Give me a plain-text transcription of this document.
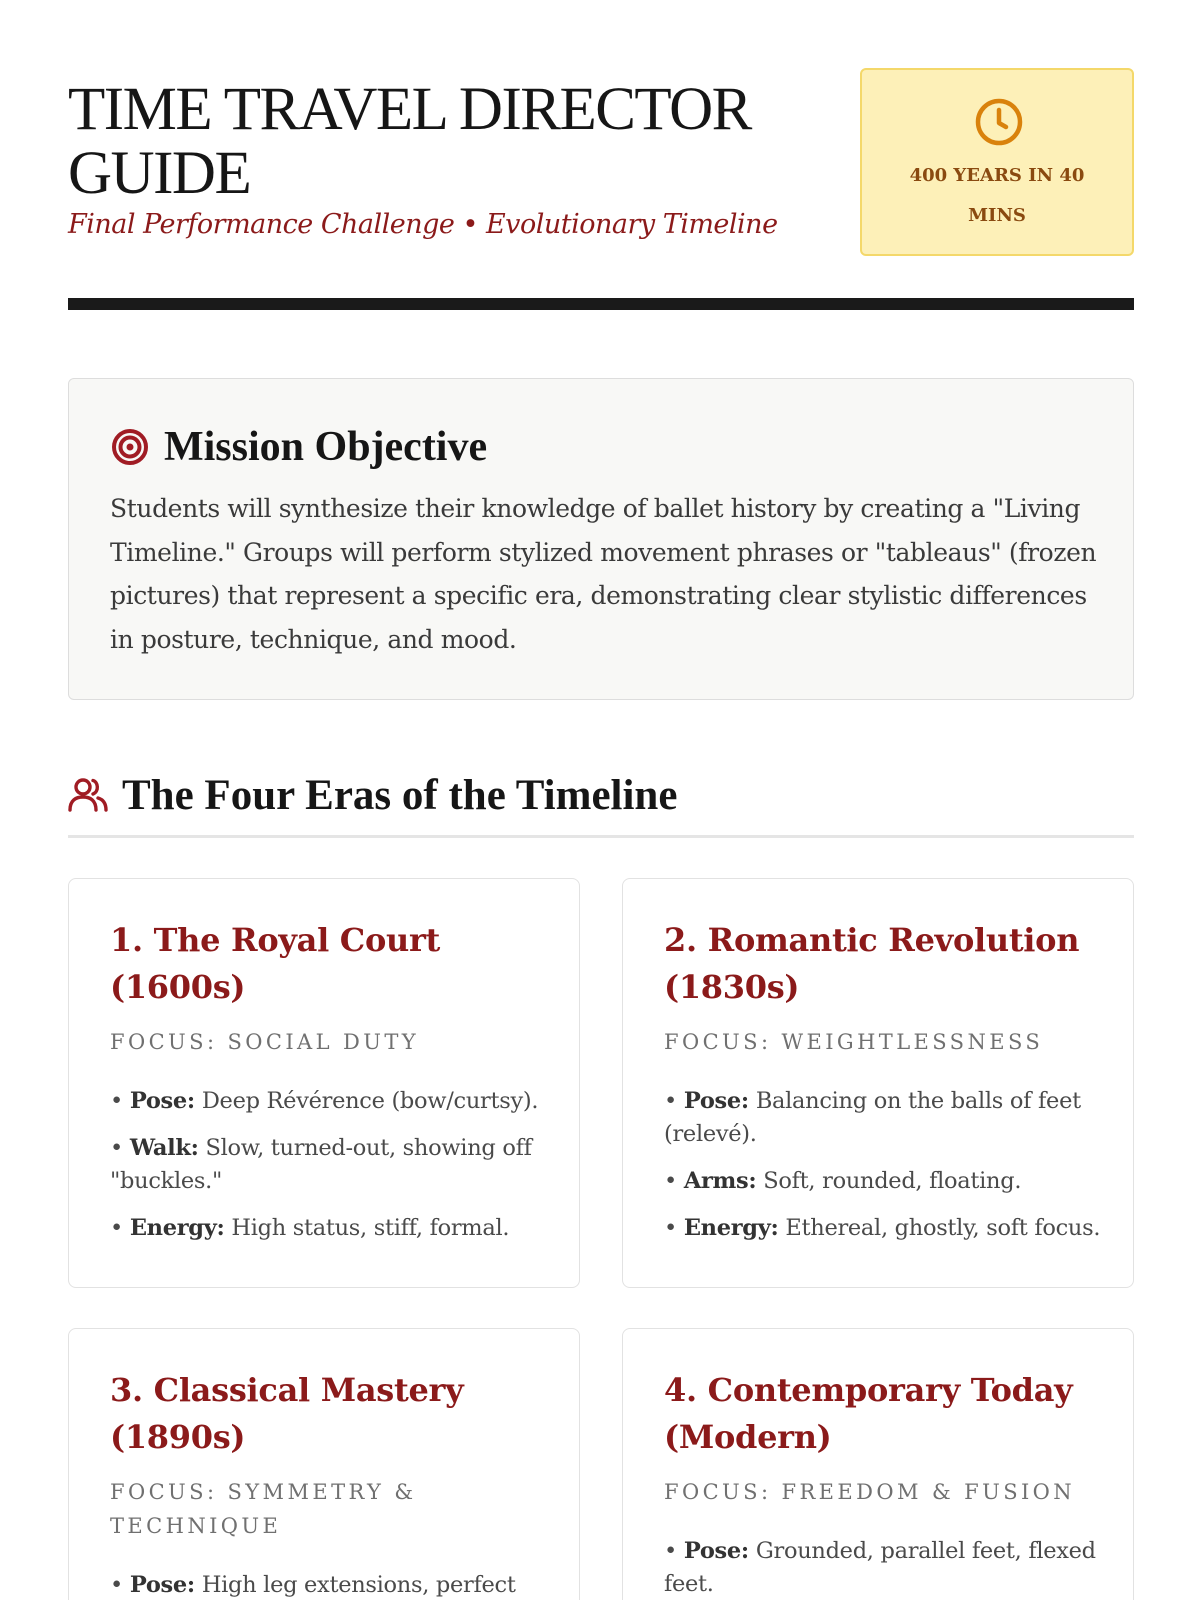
TIME TRAVEL DIRECTOR GUIDE
Final Performance Challenge • Evolutionary Timeline
400 YEARS IN 40 MINS
Mission Objective

Students will synthesize their knowledge of ballet history by creating a "Living Timeline." Groups will perform stylized movement phrases or "tableaus" (frozen pictures) that represent a specific era, demonstrating clear stylistic differences in posture, technique, and mood.

The Four Eras of the Timeline
1. The Royal Court (1600s)
FOCUS: SOCIAL DUTY
• Pose: Deep Révérence (bow/curtsy).
• Walk: Slow, turned-out, showing off "buckles."
• Energy: High status, stiff, formal.
2. Romantic Revolution (1830s)
FOCUS: WEIGHTLESSNESS
• Pose: Balancing on the balls of feet (relevé).
• Arms: Soft, rounded, floating.
• Energy: Ethereal, ghostly, soft focus.
3. Classical Mastery (1890s)
FOCUS: SYMMETRY & TECHNIQUE
• Pose: High leg extensions, perfect
4. Contemporary Today (Modern)
FOCUS: FREEDOM & FUSION
• Pose: Grounded, parallel feet, flexed feet.
